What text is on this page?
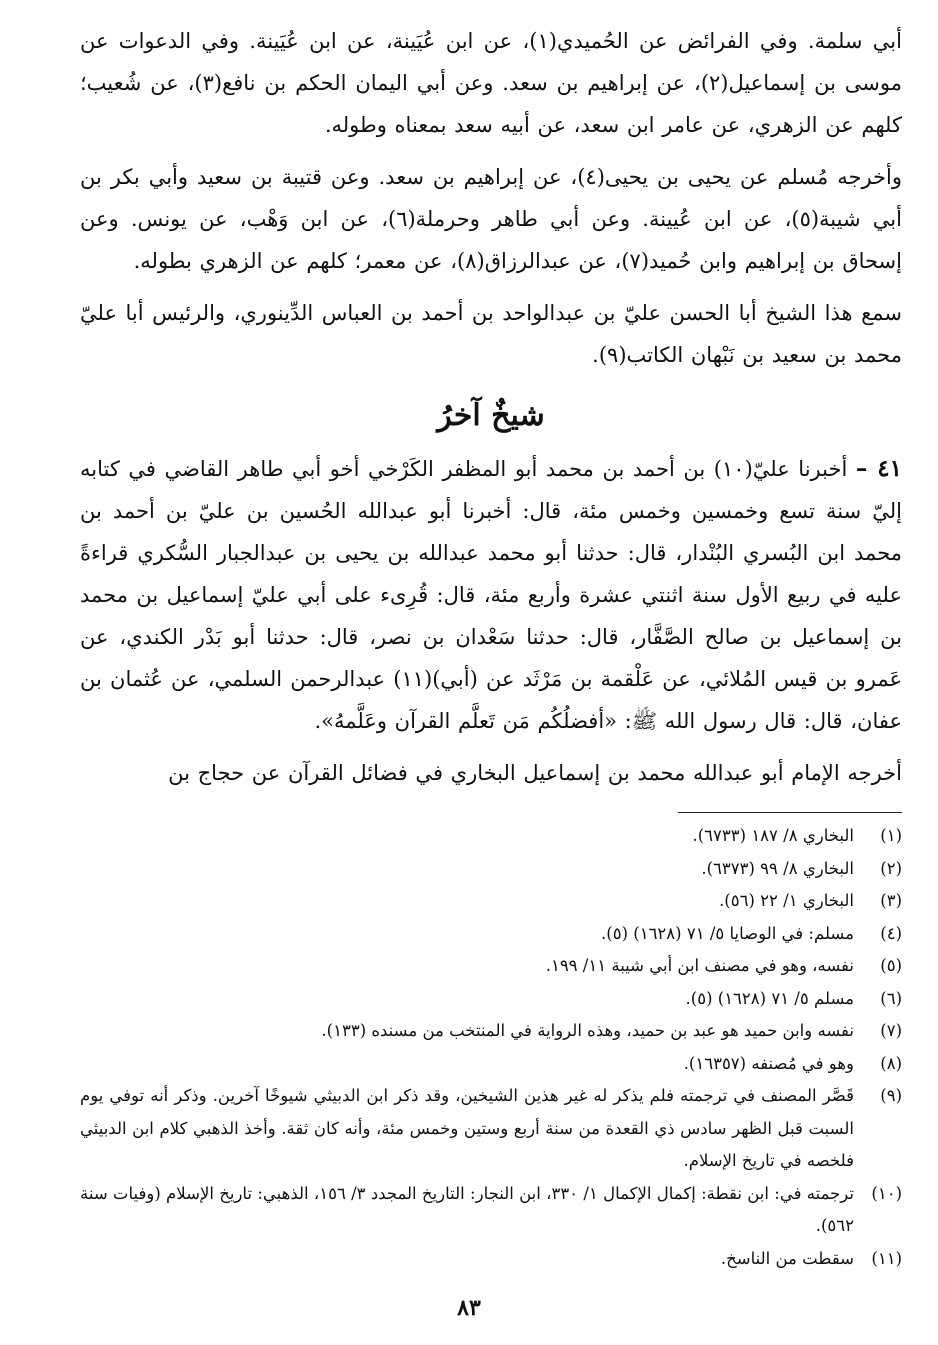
أبي سلمة. وفي الفرائض عن الحُميدي(١)، عن ابن عُيَينة، عن ابن عُيَينة. وفي الدعوات عن موسى بن إسماعيل(٢)، عن إبراهيم بن سعد. وعن أبي اليمان الحكم بن نافع(٣)، عن شُعيب؛ كلهم عن الزهري، عن عامر ابن سعد، عن أبيه سعد بمعناه وطوله.

وأخرجه مُسلم عن يحيى بن يحيى(٤)، عن إبراهيم بن سعد. وعن قتيبة بن سعيد وأبي بكر بن أبي شيبة(٥)، عن ابن عُيينة. وعن أبي طاهر وحرملة(٦)، عن ابن وَهْب، عن يونس. وعن إسحاق بن إبراهيم وابن حُميد(٧)، عن عبدالرزاق(٨)، عن معمر؛ كلهم عن الزهري بطوله.

سمع هذا الشيخ أبا الحسن عليّ بن عبدالواحد بن أحمد بن العباس الدِّينوري، والرئيس أبا عليّ محمد بن سعيد بن نَبْهان الكاتب(٩).

شيخٌ آخرُ

٤١ – أخبرنا عليّ(١٠) بن أحمد بن محمد أبو المظفر الكَرْخي أخو أبي طاهر القاضي في كتابه إليّ سنة تسع وخمسين وخمس مئة، قال: أخبرنا أبو عبدالله الحُسين بن عليّ بن أحمد بن محمد ابن البُسري البُنْدار، قال: حدثنا أبو محمد عبدالله بن يحيى بن عبدالجبار السُّكري قراءةً عليه في ربيع الأول سنة اثنتي عشرة وأربع مئة، قال: قُرِىء على أبي عليّ إسماعيل بن محمد بن إسماعيل بن صالح الصَّفَّار، قال: حدثنا سَعْدان بن نصر، قال: حدثنا أبو بَدْر الكندي، عن عَمرو بن قيس المُلائي، عن عَلْقمة بن مَرْثَد عن (أبي)(١١) عبدالرحمن السلمي، عن عُثمان بن عفان، قال: قال رسول الله ﷺ: «أفضلُكُم مَن تَعلَّم القرآن وعَلَّمهُ».

أخرجه الإمام أبو عبدالله محمد بن إسماعيل البخاري في فضائل القرآن عن حجاج بن

(١)
البخاري ٨/ ١٨٧ (٦٧٣٣).
(٢)
البخاري ٨/ ٩٩ (٦٣٧٣).
(٣)
البخاري ١/ ٢٢ (٥٦).
(٤)
مسلم: في الوصايا ٥/ ٧١ (١٦٢٨) (٥).
(٥)
نفسه، وهو في مصنف ابن أبي شيبة ١١/ ١٩٩.
(٦)
مسلم ٥/ ٧١ (١٦٢٨) (٥).
(٧)
نفسه وابن حميد هو عبد بن حميد، وهذه الرواية في المنتخب من مسنده (١٣٣).
(٨)
وهو في مُصنفه (١٦٣٥٧).
(٩)
قَصَّر المصنف في ترجمته فلم يذكر له غير هذين الشيخين، وقد ذكر ابن الدبيثي شيوخًا آخرين. وذكر أنه توفي يوم السبت قبل الظهر سادس ذي القعدة من سنة أربع وستين وخمس مئة، وأنه كان ثقة. وأخذ الذهبي كلام ابن الدبيثي فلخصه في تاريخ الإسلام.
(١٠)
ترجمته في: ابن نقطة: إكمال الإكمال ١/ ٣٣٠، ابن النجار: التاريخ المجدد ٣/ ١٥٦، الذهبي: تاريخ الإسلام (وفيات سنة ٥٦٢).
(١١)
سقطت من الناسخ.
٨٣
